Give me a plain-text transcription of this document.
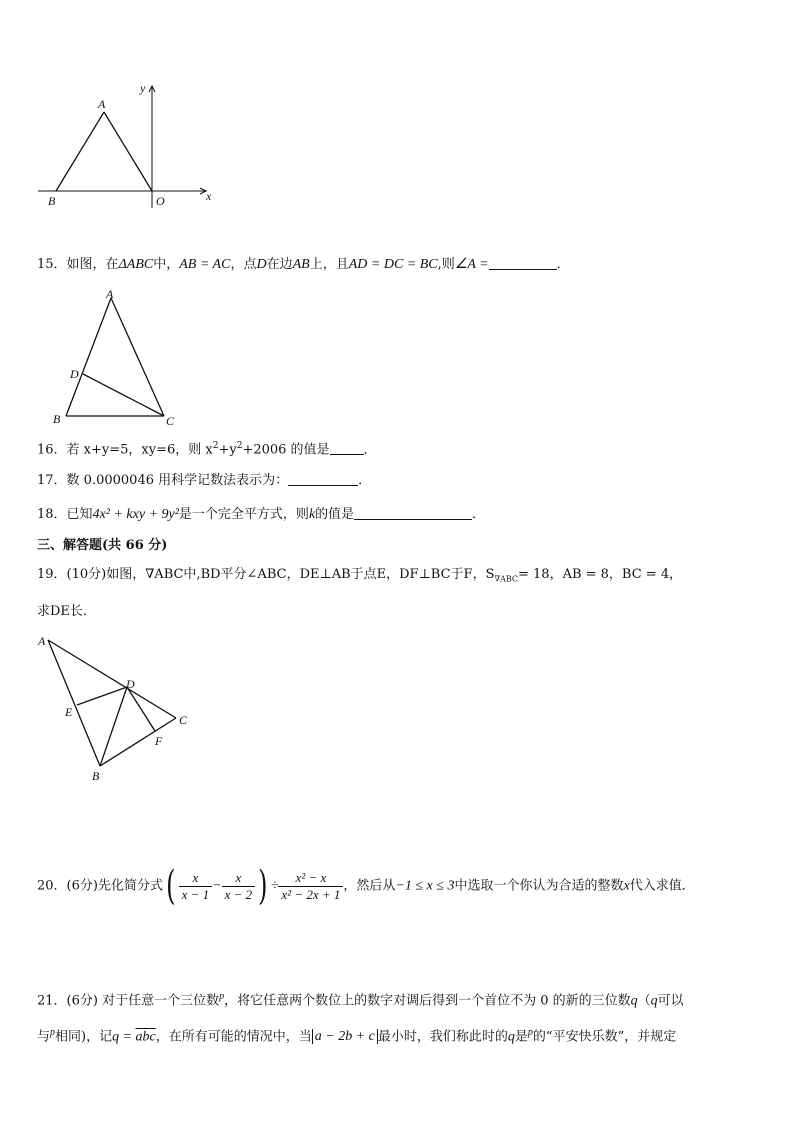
y
A
B	O	x
15．如图，在ΔABC中，AB = AC，点D在边AB上，且AD = DC = BC,则∠A =	．
A
D
B	C
16．若 x+y=5，xy=6，则 $x^2+y^2+2006$ 的值是	．
17．数 0.0000046 用科学记数法表示为：	．
18．已知4x² + kxy + 9y²是一个完全平方式，则k的值是	．
三、解答题(共 66 分)
19．(10分)如图，∇ABC中,BD平分∠ABC，DE⊥AB于点E，DF⊥BC于F，$S_{\nabla ABC}= 18$，AB = 8，BC = 4，
求DE长.
A
D
E
C
F
B
20．(6分)先化简分式( $\frac{x}{x - 1} - \frac{x}{x - 2}$ ) ÷ $\frac{\text{x² − x}}{\text{x² − 2x + 1}}$ ，然后从−1 ≤ x ≤ 3中选取一个你认为合适的整数x代入求值．
21．(6分) 对于任意一个三位数$^p$，将它任意两个数位上的数字对调后得到一个首位不为 0 的新的三位数q（q可以
与$^p$相同)，记$q = \overline{abc}$，在所有可能的情况中，当 a − 2b + c 最小时，我们称此时的q是$^p$的“平安快乐数”，并规定
